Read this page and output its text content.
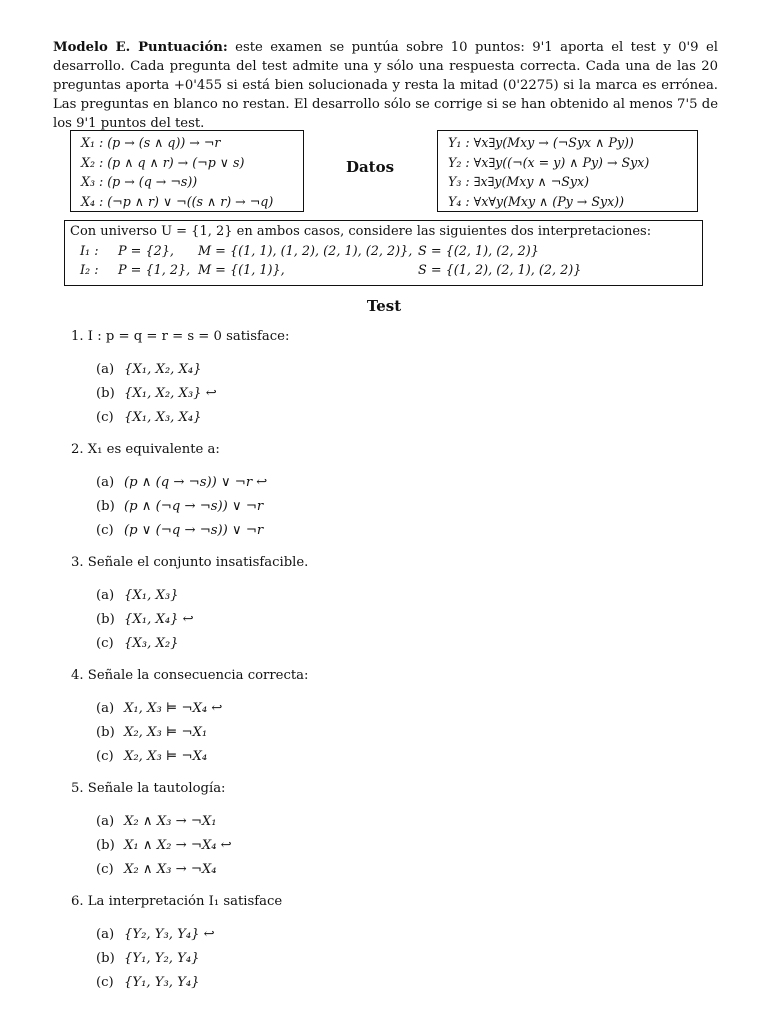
Modelo E. Puntuación: este examen se puntúa sobre 10 puntos: 9'1 aporta el test y 0'9 el desarrollo. Cada pregunta del test admite una y sólo una respuesta correcta. Cada una de las 20 preguntas aporta +0'455 si está bien solucionada y resta la mitad (0'2275) si la marca es errónea. Las preguntas en blanco no restan. El desarrollo sólo se corrige si se han obtenido al menos 7'5 de los 9'1 puntos del test.
X₁ : (p → (s ∧ q)) → ¬r
X₂ : (p ∧ q ∧ r) → (¬p ∨ s)
X₃ : (p → (q → ¬s))
X₄ : (¬p ∧ r) ∨ ¬((s ∧ r) → ¬q)
Datos
Y₁ : ∀x∃y(Mxy → (¬Syx ∧ Py))
Y₂ : ∀x∃y((¬(x = y) ∧ Py) → Syx)
Y₃ : ∃x∃y(Mxy ∧ ¬Syx)
Y₄ : ∀x∀y(Mxy ∧ (Py → Syx))
Con universo U = {1, 2} en ambos casos, considere las siguientes dos interpretaciones:
I₁ :	P = {2},	M = {(1, 1), (1, 2), (2, 1), (2, 2)}, S = {(2, 1), (2, 2)}
I₂ :	P = {1, 2}, M = {(1, 1)},	S = {(1, 2), (2, 1), (2, 2)}
Test
1. I : p = q = r = s = 0 satisface:
(a) {X₁, X₂, X₄}
(b) {X₁, X₂, X₃} ↩
(c) {X₁, X₃, X₄}
2. X₁ es equivalente a:
(a) (p ∧ (q → ¬s)) ∨ ¬r ↩
(b) (p ∧ (¬q → ¬s)) ∨ ¬r
(c) (p ∨ (¬q → ¬s)) ∨ ¬r
3. Señale el conjunto insatisfacible.
(a) {X₁, X₃}
(b) {X₁, X₄} ↩
(c) {X₃, X₂}
4. Señale la consecuencia correcta:
(a) X₁, X₃ ⊨ ¬X₄ ↩
(b) X₂, X₃ ⊨ ¬X₁
(c) X₂, X₃ ⊨ ¬X₄
5. Señale la tautología:
(a) X₂ ∧ X₃ → ¬X₁
(b) X₁ ∧ X₂ → ¬X₄ ↩
(c) X₂ ∧ X₃ → ¬X₄
6. La interpretación I₁ satisface
(a) {Y₂, Y₃, Y₄} ↩
(b) {Y₁, Y₂, Y₄}
(c) {Y₁, Y₃, Y₄}
